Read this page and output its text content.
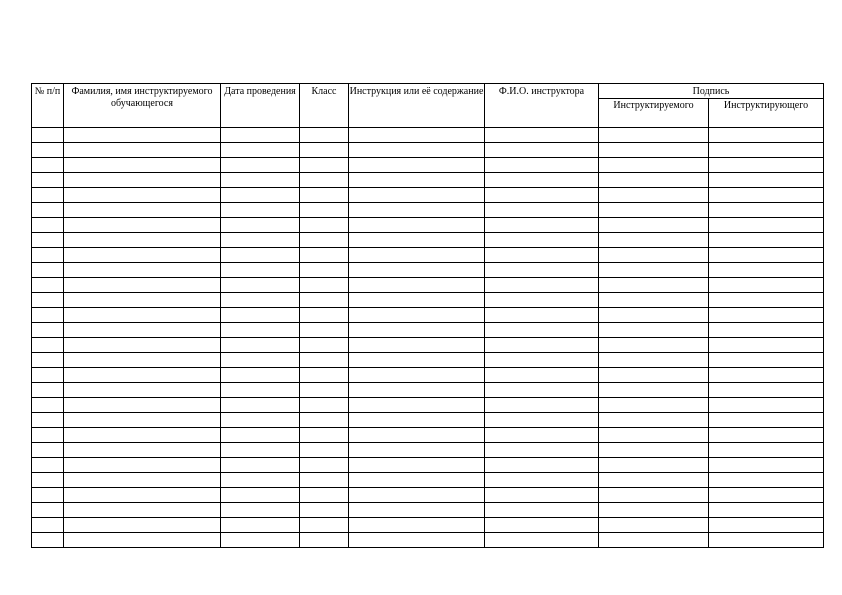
№ п/п	Фамилия, имя инструктируемого обучающегося	Дата проведения	Класс	Инструкция или её содержание	Ф.И.О. инструктора	Подпись	

						Инструктируемого	Инструктирующего
